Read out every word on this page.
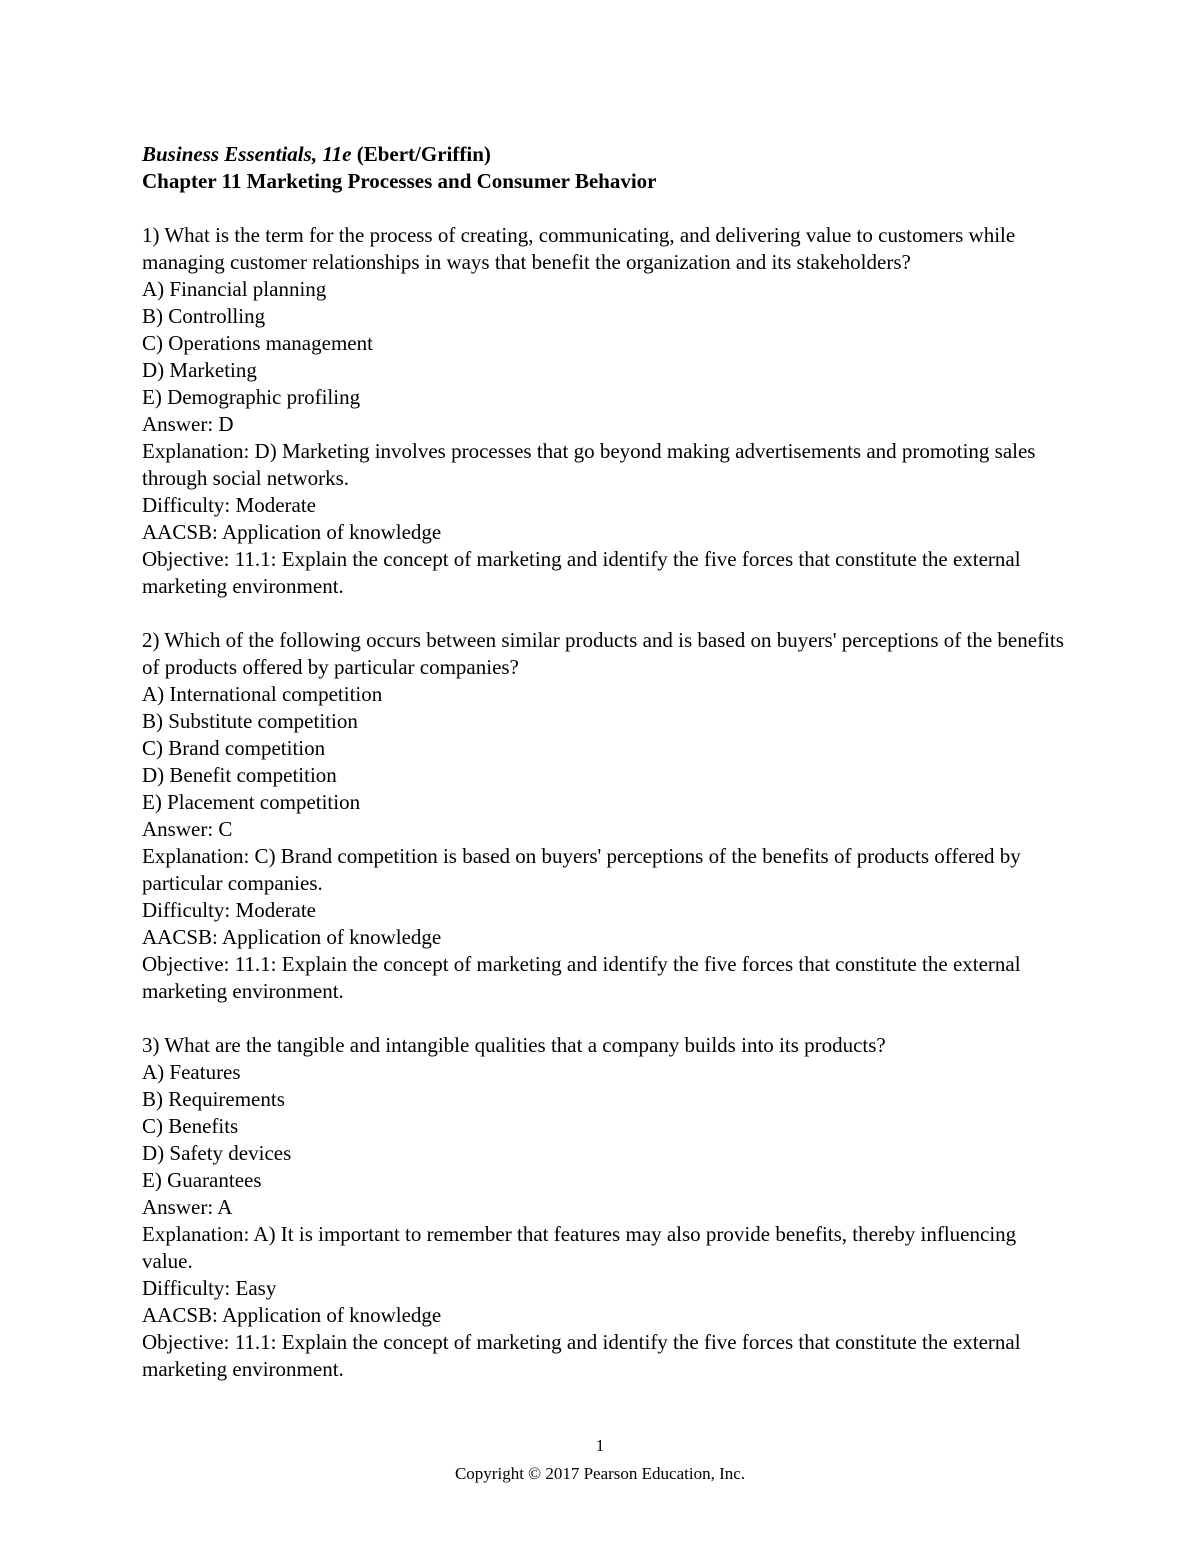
Business Essentials, 11e (Ebert/Griffin)
Chapter 11 Marketing Processes and Consumer Behavior
1) What is the term for the process of creating, communicating, and delivering value to customers while managing customer relationships in ways that benefit the organization and its stakeholders?
A) Financial planning
B) Controlling
C) Operations management
D) Marketing
E) Demographic profiling
Answer: D
Explanation: D) Marketing involves processes that go beyond making advertisements and promoting sales through social networks.
Difficulty: Moderate
AACSB: Application of knowledge
Objective: 11.1: Explain the concept of marketing and identify the five forces that constitute the external marketing environment.
2) Which of the following occurs between similar products and is based on buyers' perceptions of the benefits of products offered by particular companies?
A) International competition
B) Substitute competition
C) Brand competition
D) Benefit competition
E) Placement competition
Answer: C
Explanation: C) Brand competition is based on buyers' perceptions of the benefits of products offered by particular companies.
Difficulty: Moderate
AACSB: Application of knowledge
Objective: 11.1: Explain the concept of marketing and identify the five forces that constitute the external marketing environment.
3) What are the tangible and intangible qualities that a company builds into its products?
A) Features
B) Requirements
C) Benefits
D) Safety devices
E) Guarantees
Answer: A
Explanation: A) It is important to remember that features may also provide benefits, thereby influencing value.
Difficulty: Easy
AACSB: Application of knowledge
Objective: 11.1: Explain the concept of marketing and identify the five forces that constitute the external marketing environment.
1
Copyright © 2017 Pearson Education, Inc.
